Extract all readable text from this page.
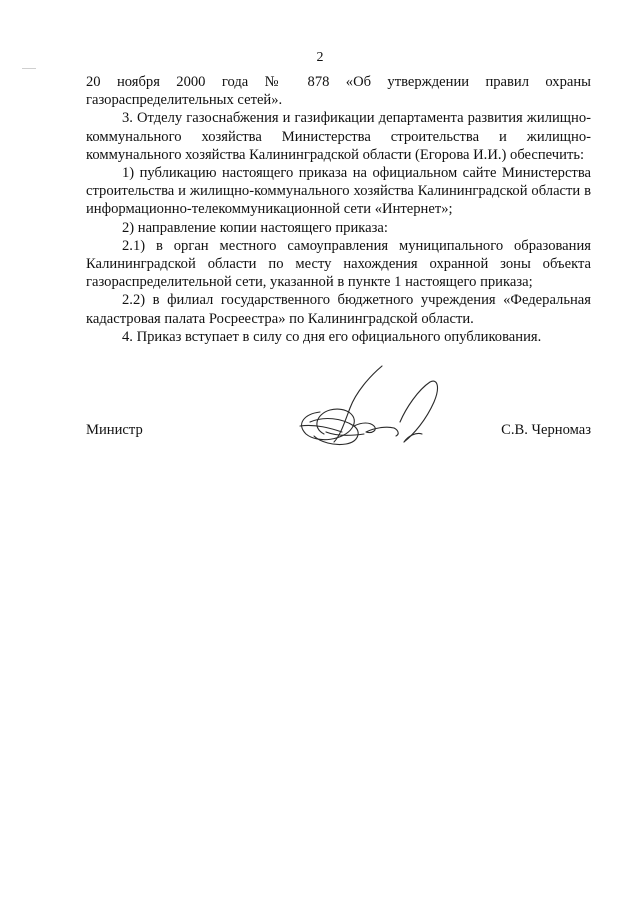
2

20 ноября 2000 года № 878 «Об утверждении правил охраны газораспределительных сетей».

3. Отделу газоснабжения и газификации департамента развития жилищно-коммунального хозяйства Министерства строительства и жилищно-коммунального хозяйства Калининградской области (Егорова И.И.) обеспечить:

1) публикацию настоящего приказа на официальном сайте Министерства строительства и жилищно-коммунального хозяйства Калининградской области в информационно-телекоммуникационной сети «Интернет»;

2) направление копии настоящего приказа:

2.1) в орган местного самоуправления муниципального образования Калининградской области по месту нахождения охранной зоны объекта газораспределительной сети, указанной в пункте 1 настоящего приказа;

2.2) в филиал государственного бюджетного учреждения «Федеральная кадастровая палата Росреестра» по Калининградской области.

4. Приказ вступает в силу со дня его официального опубликования.

Министр	С.В. Черномаз
